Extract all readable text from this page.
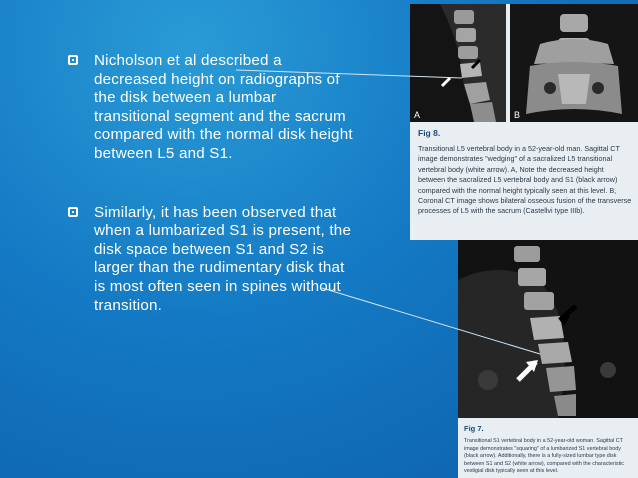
Nicholson et al described a decreased height on radiographs of the disk between a lumbar transitional segment and the sacrum compared with the normal disk height between L5 and S1.

Similarly, it has been observed that when a lumbarized S1 is present, the disk space between S1 and S2 is larger than the rudimentary disk that is most often seen in spines without transition.

A	B
Fig 8.
Transitional L5 vertebral body in a 52-year-old man. Sagittal CT image demonstrates "wedging" of a sacralized L5 transitional vertebral body (white arrow). A, Note the decreased height between the sacralized L5 vertebral body and S1 (black arrow) compared with the normal height typically seen at this level. B, Coronal CT image shows bilateral osseous fusion of the transverse processes of L5 with the sacrum (Castellvi type IIIb).
Fig 7.
Transitional S1 vertebral body in a 52-year-old woman. Sagittal CT image demonstrates "squaring" of a lumbarized S1 vertebral body (black arrow). Additionally, there is a fully-sized lumbar type disk between S1 and S2 (white arrow), compared with the characteristic vestigial disk typically seen at this level.
